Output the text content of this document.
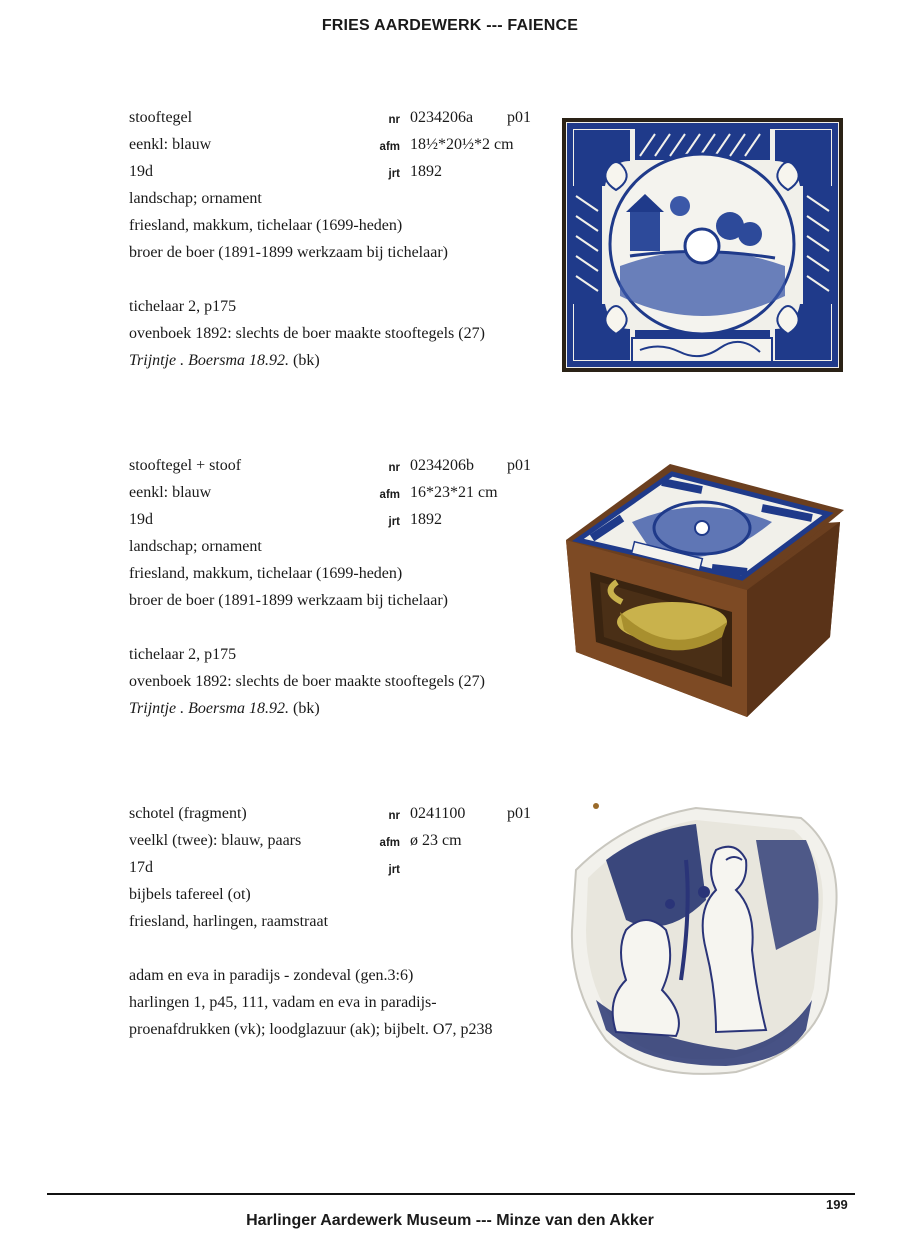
FRIES AARDEWERK --- FAIENCE
stooftegel	nr 0234206a p01
eenkl: blauw	afm 18½*20½*2 cm
19d	jrt 1892
landschap; ornament
friesland, makkum, tichelaar (1699-heden)
broer de boer (1891-1899 werkzaam bij tichelaar)
tichelaar 2, p175
ovenboek 1892: slechts de boer maakte stooftegels (27)
Trijntje . Boersma 18.92. (bk)
stooftegel + stoof	nr 0234206b p01
eenkl: blauw	afm 16*23*21 cm
19d	jrt 1892
landschap; ornament
friesland, makkum, tichelaar (1699-heden)
broer de boer (1891-1899 werkzaam bij tichelaar)
tichelaar 2, p175
ovenboek 1892: slechts de boer maakte stooftegels (27)
Trijntje . Boersma 18.92. (bk)
schotel (fragment)	nr 0241100	p01
veelkl (twee): blauw, paars	afm ø 23 cm
17d	jrt
bijbels tafereel (ot)
friesland, harlingen, raamstraat
adam en eva in paradijs - zondeval (gen.3:6)
harlingen 1, p45, 111, vadam en eva in paradijs-
proenafdrukken (vk); loodglazuur (ak); bijbelt. O7, p238
199
Harlinger Aardewerk Museum --- Minze van den Akker
